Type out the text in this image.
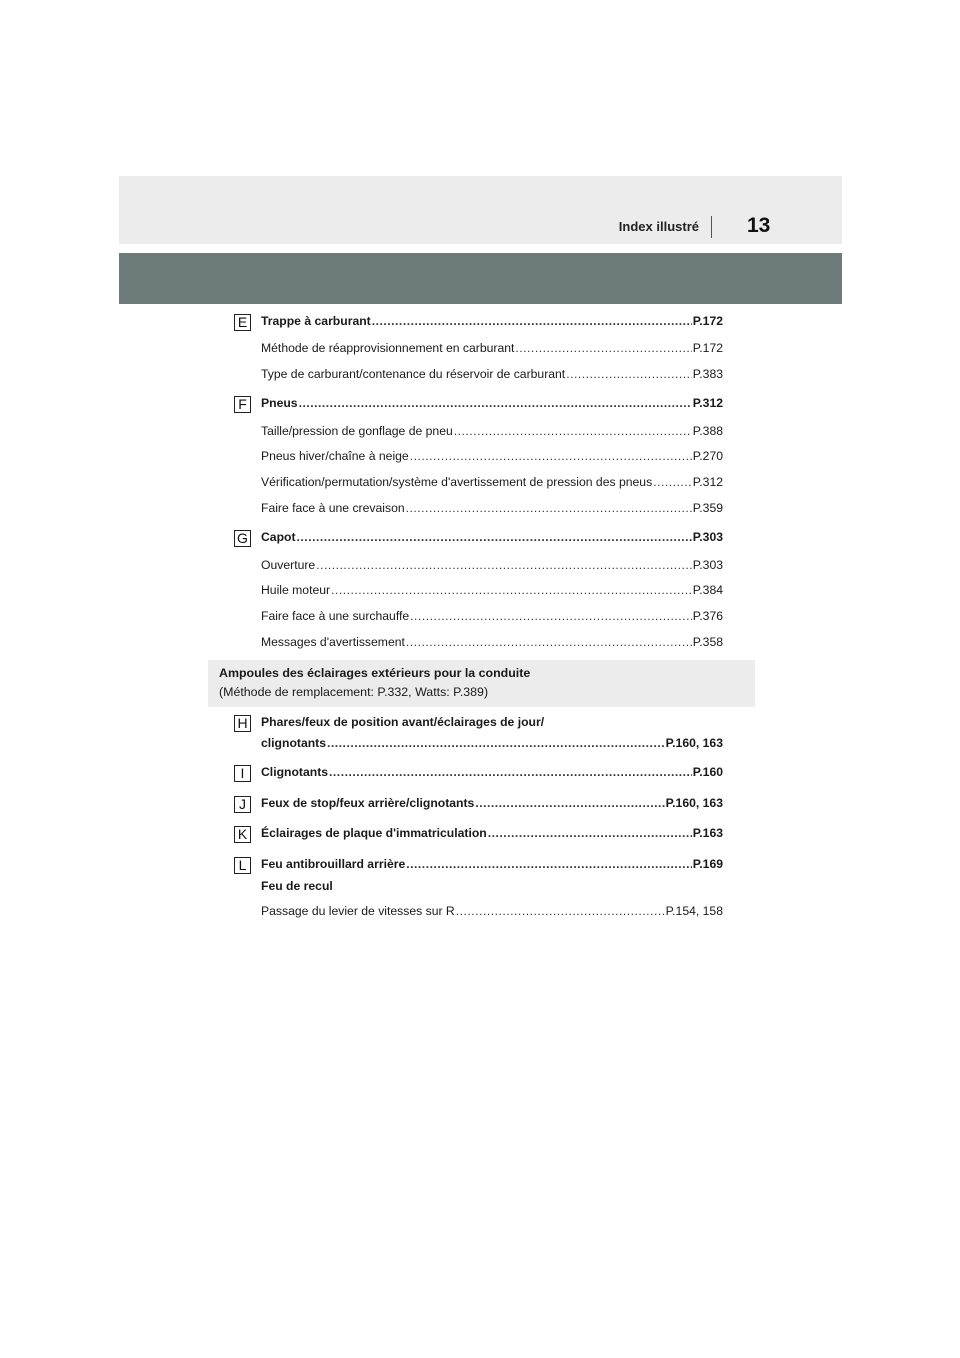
Index illustré 13
E	Trappe à carburant .....	P.172
Méthode de réapprovisionnement en carburant .....	P.172
Type de carburant/contenance du réservoir de carburant .....	P.383
F	Pneus .....	P.312
Taille/pression de gonflage de pneu .....	P.388
Pneus hiver/chaîne à neige .....	P.270
Vérification/permutation/système d'avertissement de pression des pneus .....	P.312
Faire face à une crevaison .....	P.359
G Capot .....	P.303
Ouverture .....	P.303
Huile moteur .....	P.384
Faire face à une surchauffe .....	P.376
Messages d'avertissement .....	P.358
Ampoules des éclairages extérieurs pour la conduite
(Méthode de remplacement: P.332, Watts: P.389)
H Phares/feux de position avant/éclairages de jour/
clignotants .....	P.160, 163
I	Clignotants .....	P.160
J	Feux de stop/feux arrière/clignotants .....	P.160, 163
K	Éclairages de plaque d'immatriculation .....	P.163
L	Feu antibrouillard arrière .....	P.169
Feu de recul
Passage du levier de vitesses sur R .....	P.154, 158
